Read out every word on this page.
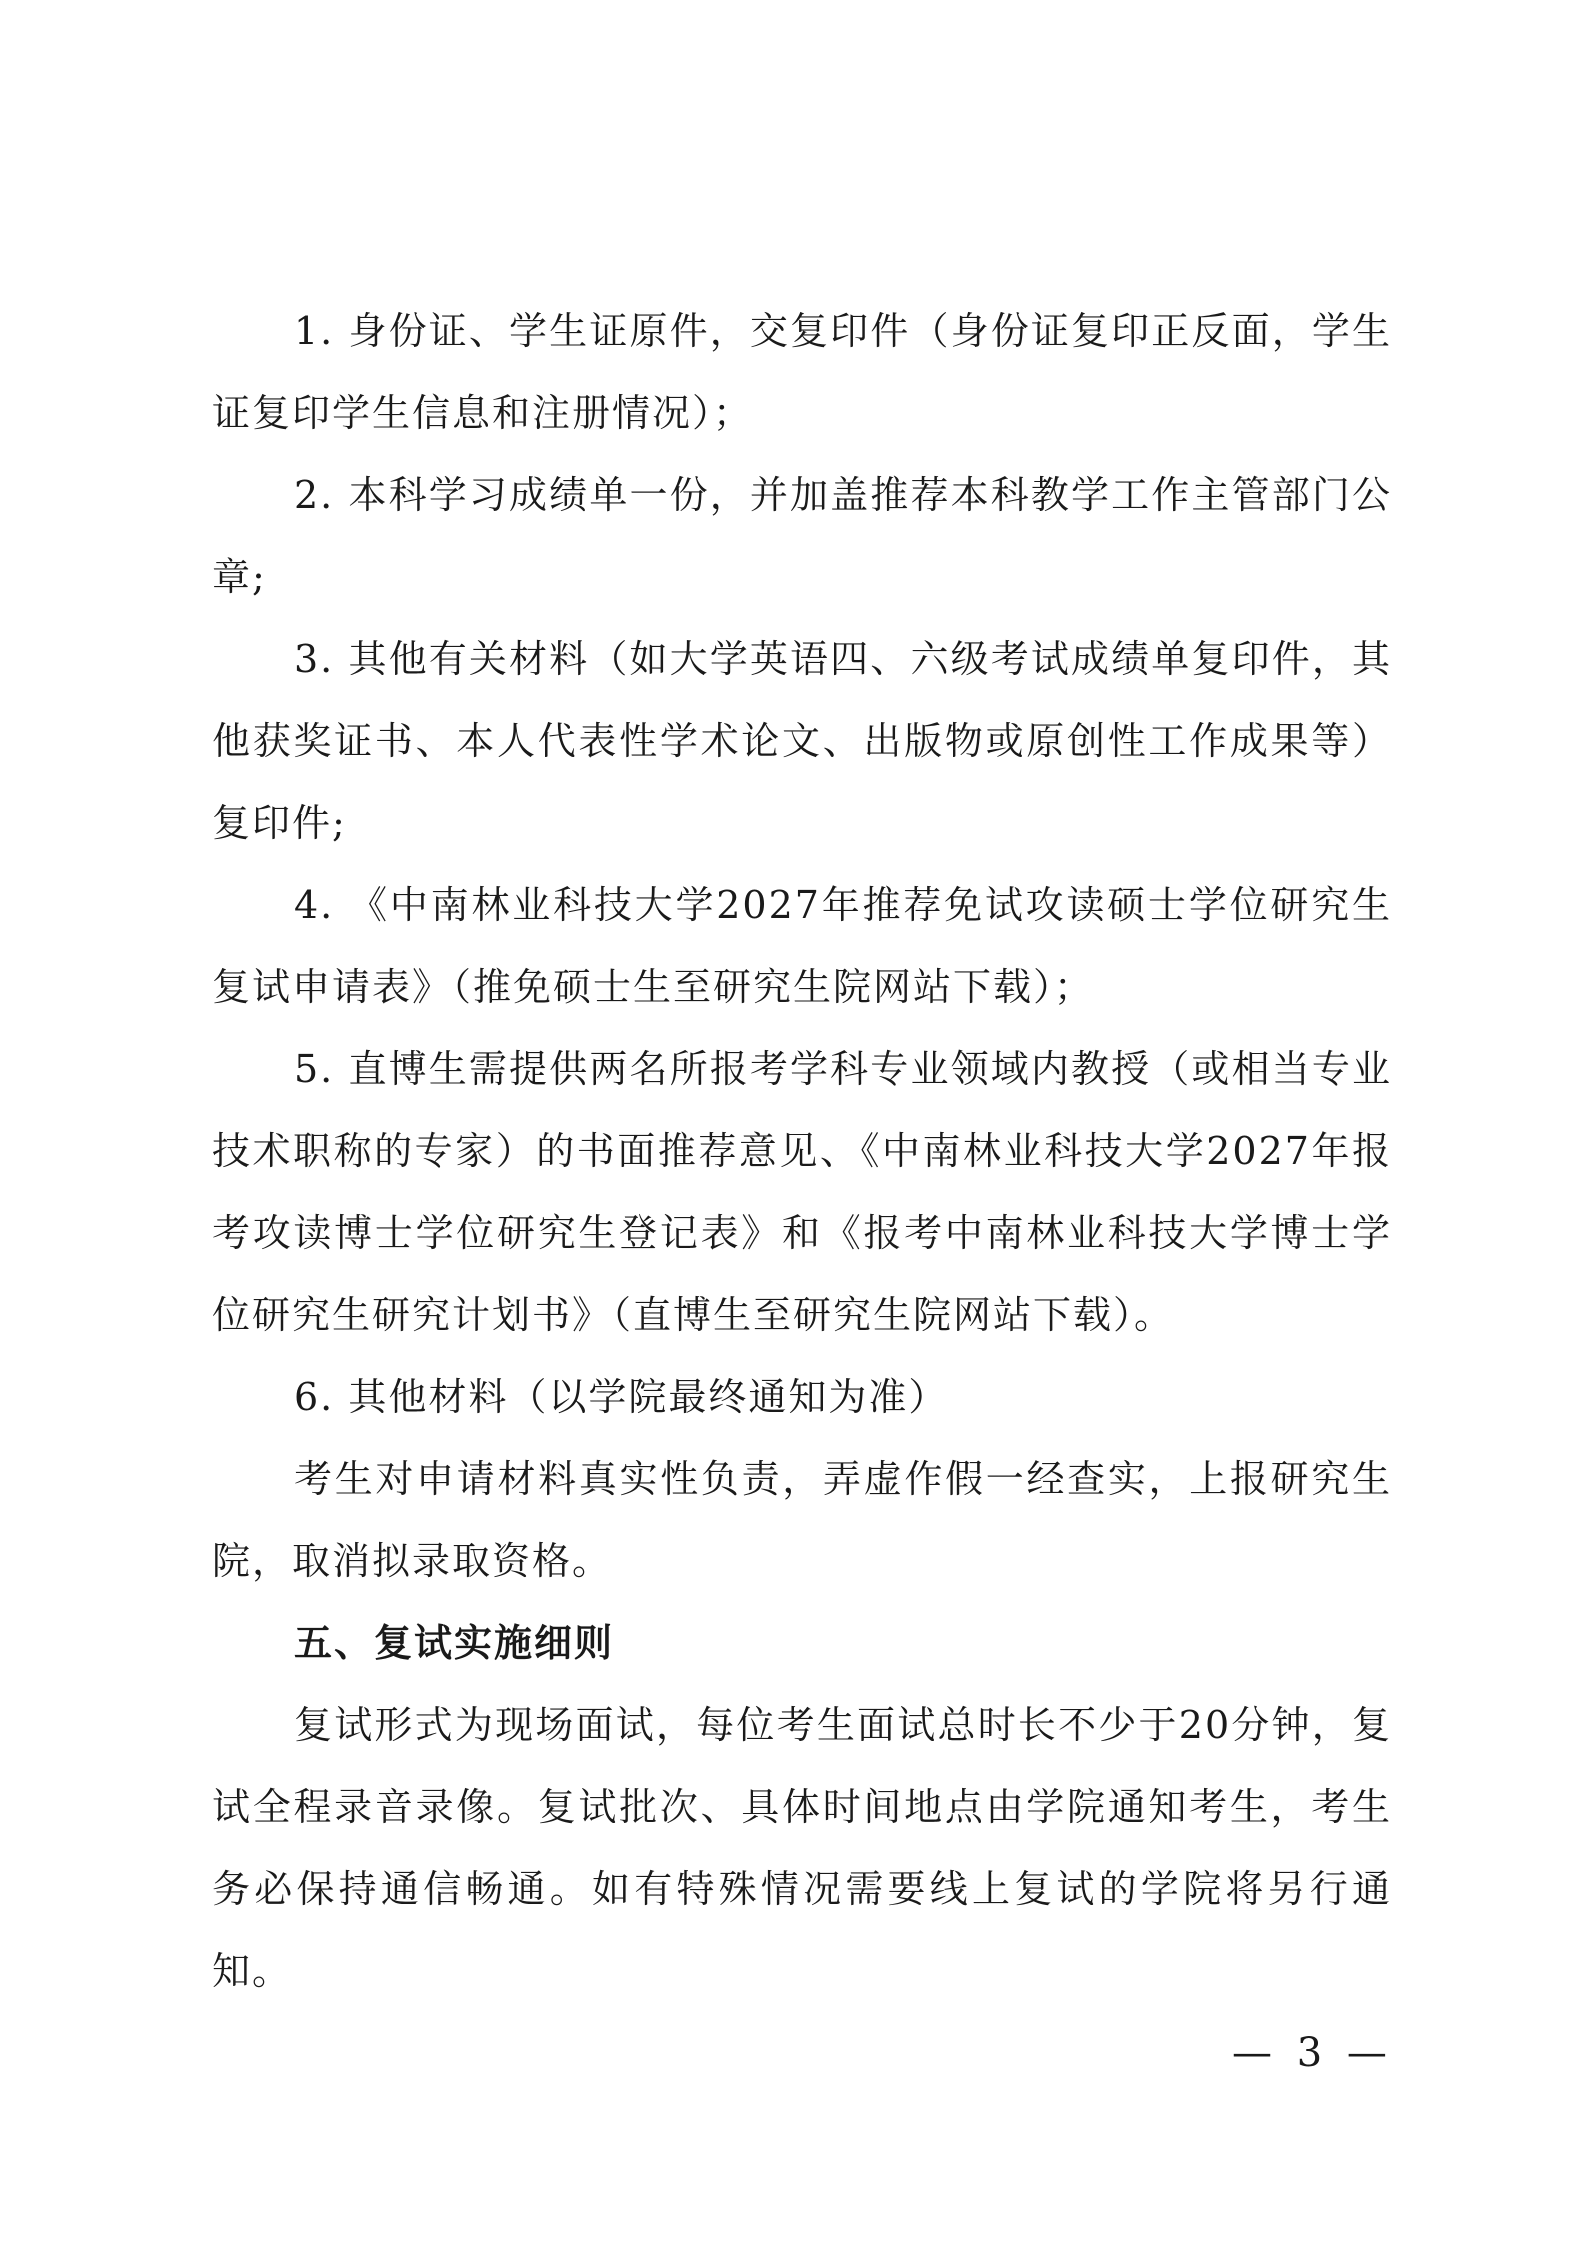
1. 身份证、学生证原件，交复印件（身份证复印正反面，学生证复印学生信息和注册情况）；

2. 本科学习成绩单一份，并加盖推荐本科教学工作主管部门公章;

3. 其他有关材料（如大学英语四、六级考试成绩单复印件，其他获奖证书、本人代表性学术论文、出版物或原创性工作成果等）复印件;

4. 《中南林业科技大学2027年推荐免试攻读硕士学位研究生复试申请表》（推免硕士生至研究生院网站下载）；

5. 直博生需提供两名所报考学科专业领域内教授（或相当专业技术职称的专家）的书面推荐意见、《中南林业科技大学2027年报考攻读博士学位研究生登记表》和《报考中南林业科技大学博士学位研究生研究计划书》（直博生至研究生院网站下载）。

6. 其他材料（以学院最终通知为准）

考生对申请材料真实性负责，弄虚作假一经查实，上报研究生院，取消拟录取资格。

五、复试实施细则

复试形式为现场面试，每位考生面试总时长不少于20分钟，复试全程录音录像。复试批次、具体时间地点由学院通知考生，考生务必保持通信畅通。如有特殊情况需要线上复试的学院将另行通知。

— 3 —
